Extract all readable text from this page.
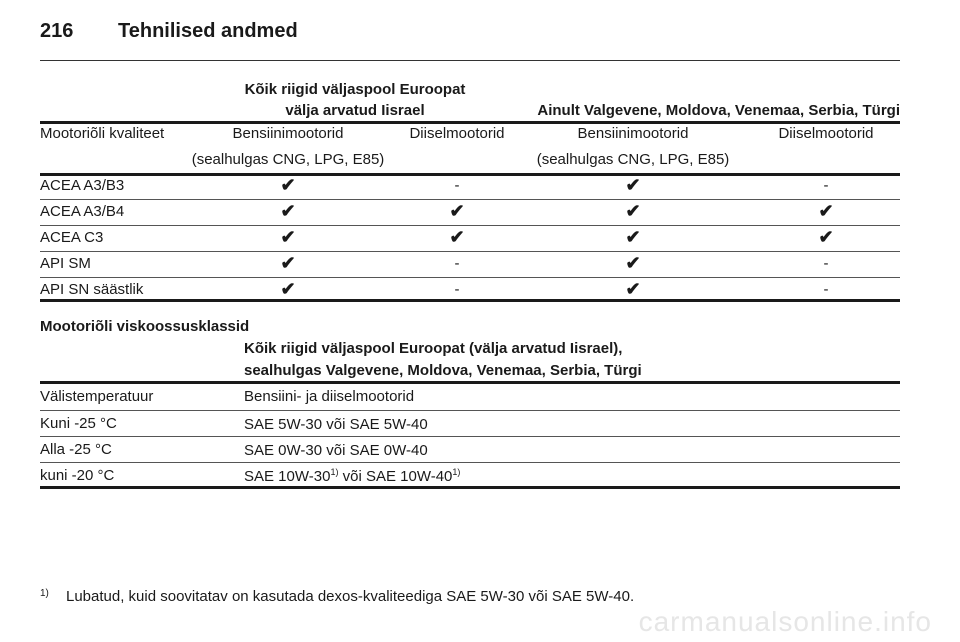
216 Tehnilised andmed
Kõik riigid väljaspool Euroopat
välja arvatud Iisrael	Ainult Valgevene, Moldova, Venemaa, Serbia, Türgi
Mootoriõli kvaliteet	Bensiinimootorid	Diiselmootorid	Bensiinimootorid	Diiselmootorid
(sealhulgas CNG, LPG, E85)	(sealhulgas CNG, LPG, E85)
ACEA A3/B3	✔	-	✔	-
ACEA A3/B4	✔	✔	✔	✔
ACEA C3	✔	✔	✔	✔
API SM	✔	-	✔	-
API SN säästlik	✔	-	✔	-
Mootoriõli viskoossusklassid
Kõik riigid väljaspool Euroopat (välja arvatud Iisrael),
sealhulgas Valgevene, Moldova, Venemaa, Serbia, Türgi
Välistemperatuur	Bensiini- ja diiselmootorid
Kuni -25 °C	SAE 5W-30 või SAE 5W-40
Alla -25 °C	SAE 0W-30 või SAE 0W-40
kuni -20 °C	SAE 10W-30$^{1)}$ või SAE 10W-40$^{1)}$
1) Lubatud, kuid soovitatav on kasutada dexos-kvaliteediga SAE 5W-30 või SAE 5W-40.
carmanualsonline.info
